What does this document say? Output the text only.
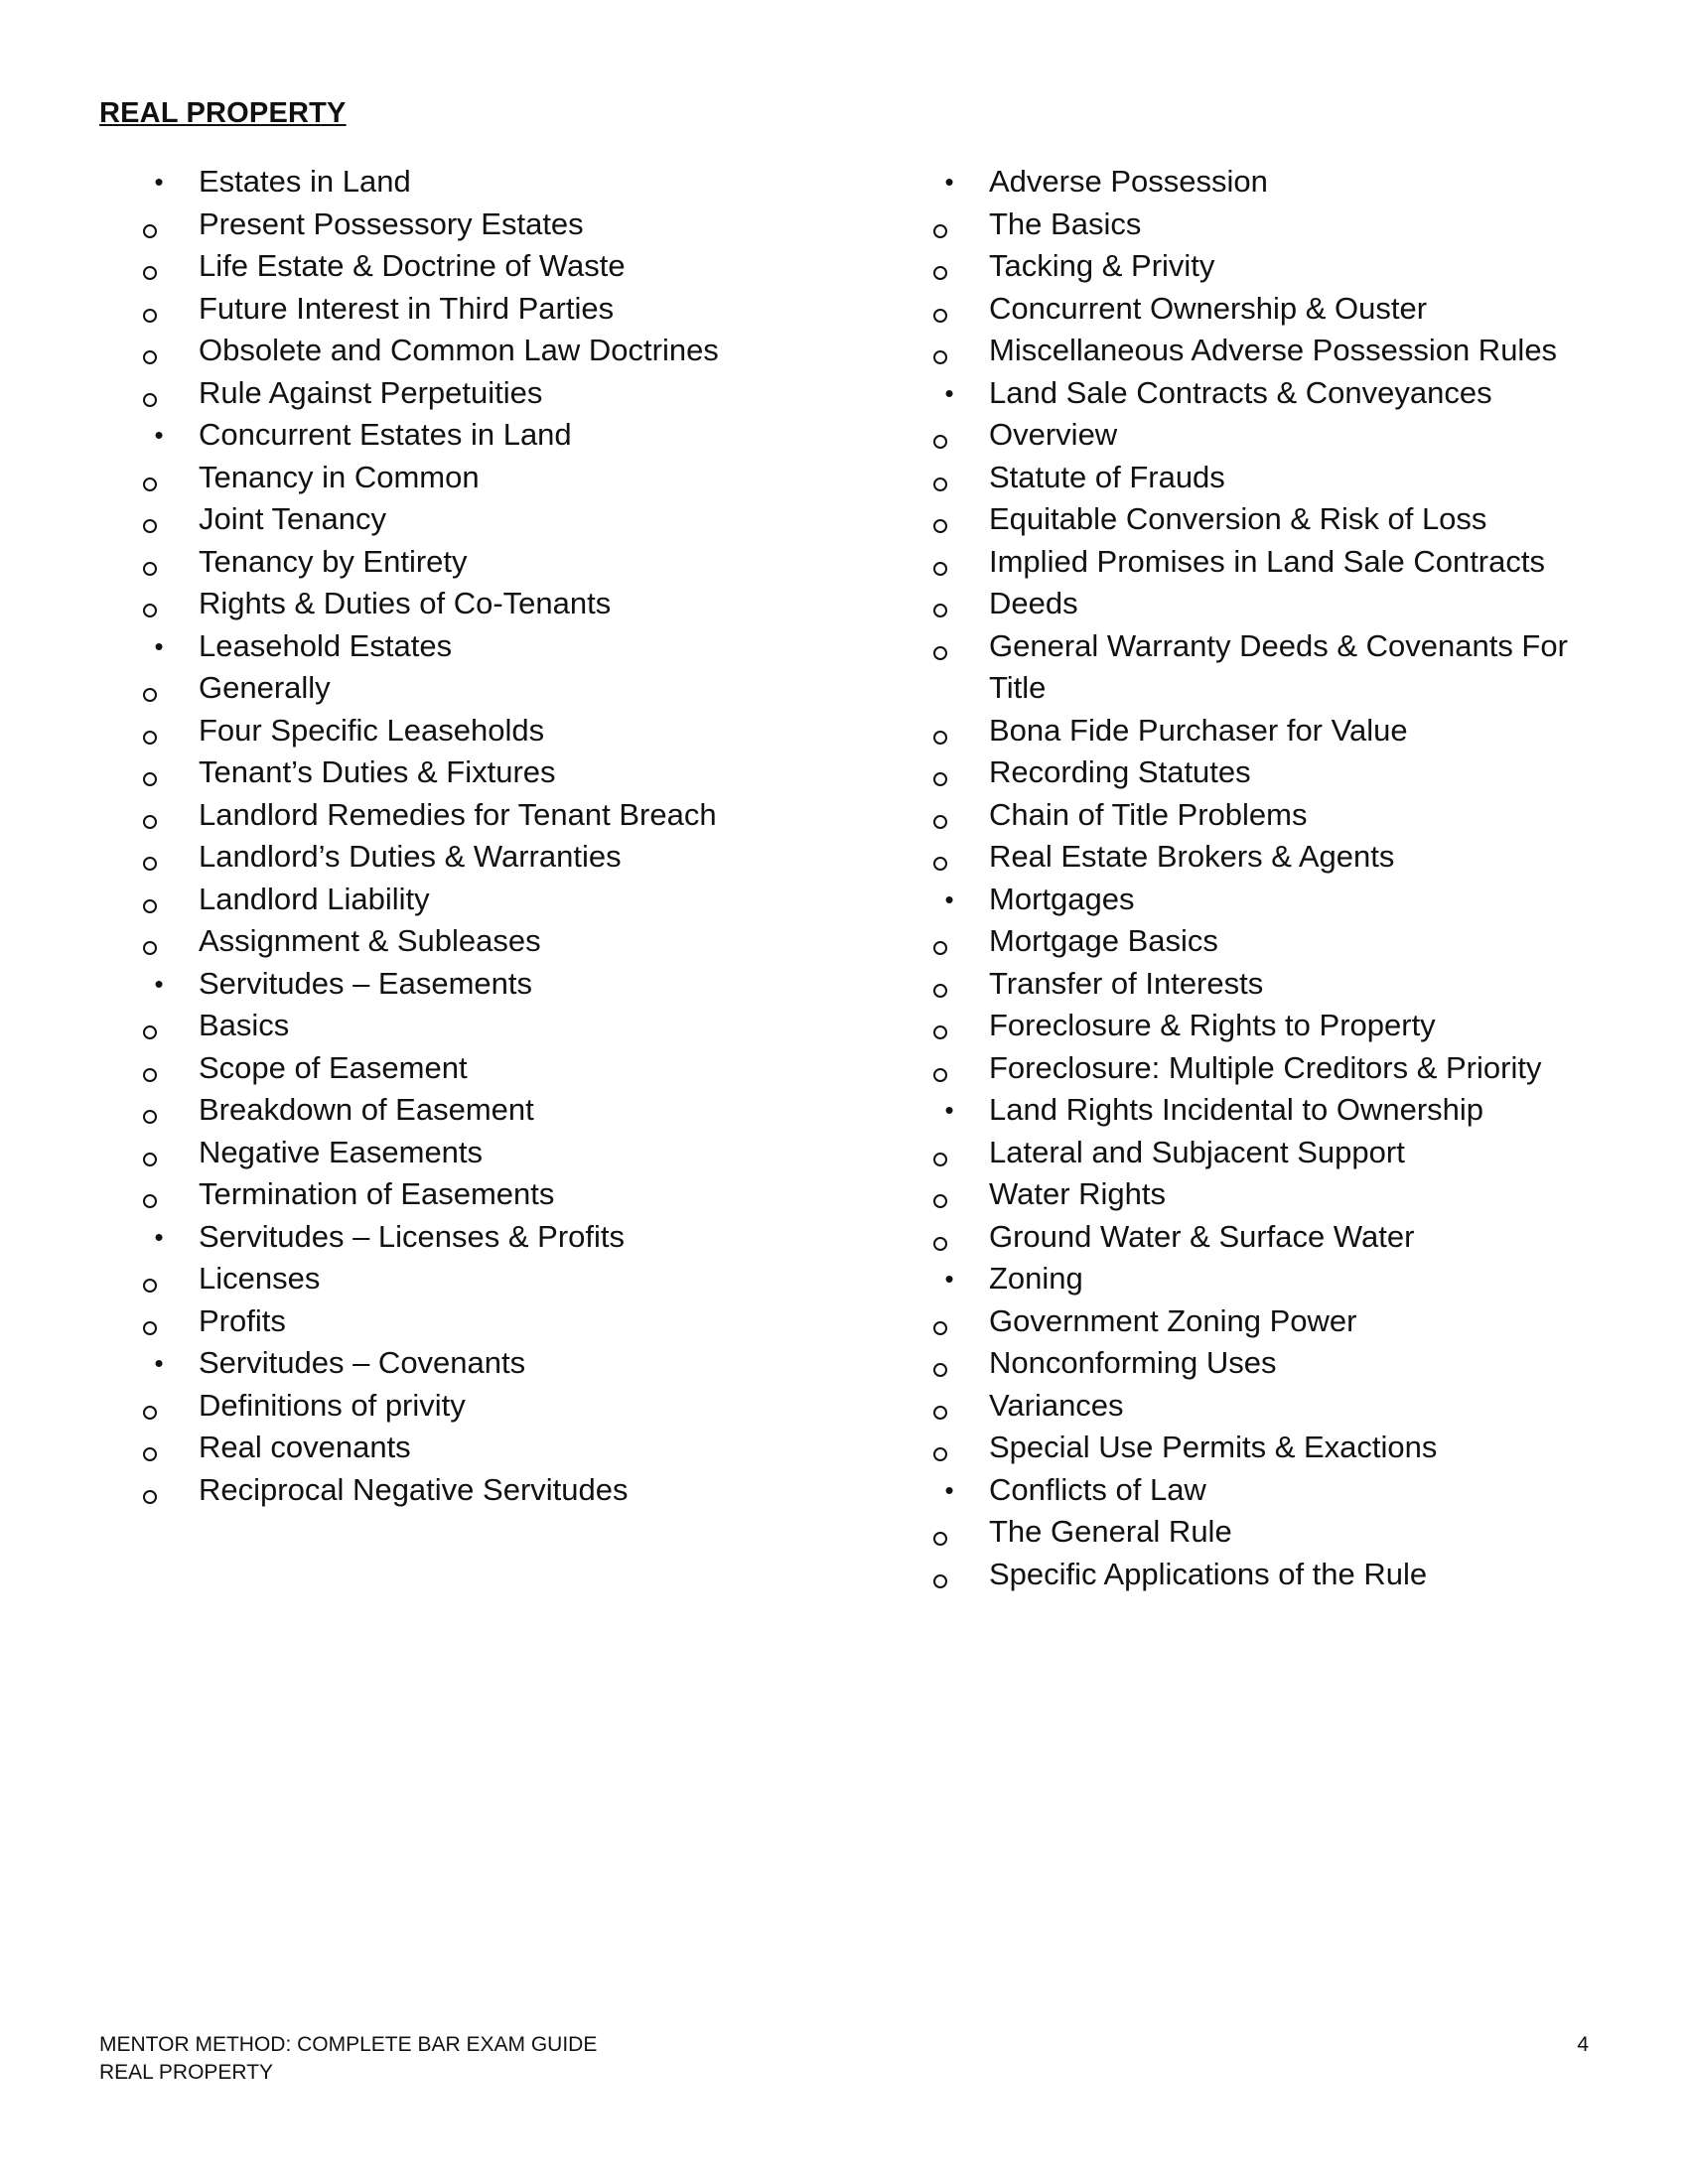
REAL PROPERTY
• Estates in Land
Present Possessory Estates
Life Estate & Doctrine of Waste
Future Interest in Third Parties
Obsolete and Common Law Doctrines
Rule Against Perpetuities
• Concurrent Estates in Land
Tenancy in Common
Joint Tenancy
Tenancy by Entirety
Rights & Duties of Co-Tenants
• Leasehold Estates
Generally
Four Specific Leaseholds
Tenant’s Duties & Fixtures
Landlord Remedies for Tenant Breach
Landlord’s Duties & Warranties
Landlord Liability
Assignment & Subleases
• Servitudes – Easements
Basics
Scope of Easement
Breakdown of Easement
Negative Easements
Termination of Easements
• Servitudes – Licenses & Profits
Licenses
Profits
• Servitudes – Covenants
Definitions of privity
Real covenants
Reciprocal Negative Servitudes
• Adverse Possession
The Basics
Tacking & Privity
Concurrent Ownership & Ouster
Miscellaneous Adverse Possession Rules
• Land Sale Contracts & Conveyances
Overview
Statute of Frauds
Equitable Conversion & Risk of Loss
Implied Promises in Land Sale Contracts
Deeds
General Warranty Deeds & Covenants For Title
Bona Fide Purchaser for Value
Recording Statutes
Chain of Title Problems
Real Estate Brokers & Agents
• Mortgages
Mortgage Basics
Transfer of Interests
Foreclosure & Rights to Property
Foreclosure: Multiple Creditors & Priority
• Land Rights Incidental to Ownership
Lateral and Subjacent Support
Water Rights
Ground Water & Surface Water
• Zoning
Government Zoning Power
Nonconforming Uses
Variances
Special Use Permits & Exactions
• Conflicts of Law
The General Rule
Specific Applications of the Rule
MENTOR METHOD: COMPLETE BAR EXAM GUIDE
REAL PROPERTY
4
